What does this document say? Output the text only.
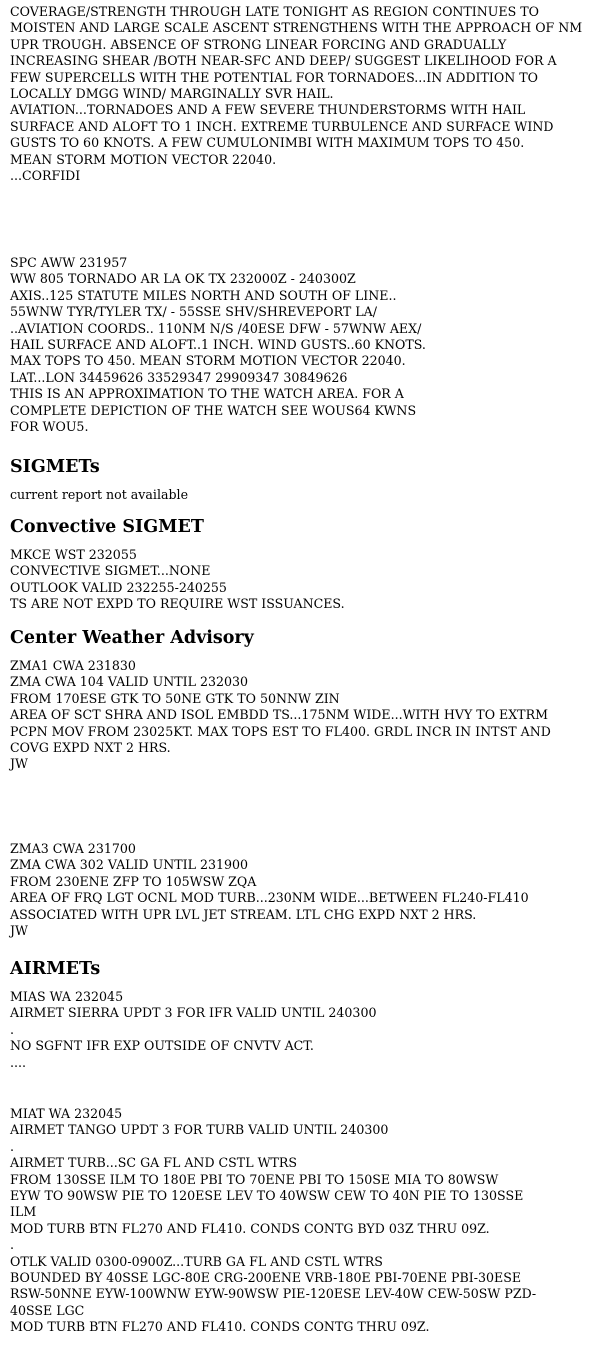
COVERAGE/STRENGTH THROUGH LATE TONIGHT AS REGION CONTINUES TO
MOISTEN AND LARGE SCALE ASCENT STRENGTHENS WITH THE APPROACH OF NM
UPR TROUGH. ABSENCE OF STRONG LINEAR FORCING AND GRADUALLY
INCREASING SHEAR /BOTH NEAR-SFC AND DEEP/ SUGGEST LIKELIHOOD FOR A
FEW SUPERCELLS WITH THE POTENTIAL FOR TORNADOES...IN ADDITION TO
LOCALLY DMGG WIND/ MARGINALLY SVR HAIL.
AVIATION...TORNADOES AND A FEW SEVERE THUNDERSTORMS WITH HAIL
SURFACE AND ALOFT TO 1 INCH. EXTREME TURBULENCE AND SURFACE WIND
GUSTS TO 60 KNOTS. A FEW CUMULONIMBI WITH MAXIMUM TOPS TO 450.
MEAN STORM MOTION VECTOR 22040.
...CORFIDI
SPC AWW 231957
WW 805 TORNADO AR LA OK TX 232000Z - 240300Z
AXIS..125 STATUTE MILES NORTH AND SOUTH OF LINE..
55WNW TYR/TYLER TX/ - 55SSE SHV/SHREVEPORT LA/
..AVIATION COORDS.. 110NM N/S /40ESE DFW - 57WNW AEX/
HAIL SURFACE AND ALOFT..1 INCH. WIND GUSTS..60 KNOTS.
MAX TOPS TO 450. MEAN STORM MOTION VECTOR 22040.
LAT...LON 34459626 33529347 29909347 30849626
THIS IS AN APPROXIMATION TO THE WATCH AREA. FOR A
COMPLETE DEPICTION OF THE WATCH SEE WOUS64 KWNS
FOR WOU5.
SIGMETs

current report not available

Convective SIGMET
MKCE WST 232055
CONVECTIVE SIGMET...NONE
OUTLOOK VALID 232255-240255
TS ARE NOT EXPD TO REQUIRE WST ISSUANCES.
Center Weather Advisory
ZMA1 CWA 231830
ZMA CWA 104 VALID UNTIL 232030
FROM 170ESE GTK TO 50NE GTK TO 50NNW ZIN
AREA OF SCT SHRA AND ISOL EMBDD TS...175NM WIDE...WITH HVY TO EXTRM
PCPN MOV FROM 23025KT. MAX TOPS EST TO FL400. GRDL INCR IN INTST AND
COVG EXPD NXT 2 HRS.
JW
ZMA3 CWA 231700
ZMA CWA 302 VALID UNTIL 231900
FROM 230ENE ZFP TO 105WSW ZQA
AREA OF FRQ LGT OCNL MOD TURB...230NM WIDE...BETWEEN FL240-FL410
ASSOCIATED WITH UPR LVL JET STREAM. LTL CHG EXPD NXT 2 HRS.
JW
AIRMETs
MIAS WA 232045
AIRMET SIERRA UPDT 3 FOR IFR VALID UNTIL 240300
.
NO SGFNT IFR EXP OUTSIDE OF CNVTV ACT.
....
MIAT WA 232045
AIRMET TANGO UPDT 3 FOR TURB VALID UNTIL 240300
.
AIRMET TURB...SC GA FL AND CSTL WTRS
FROM 130SSE ILM TO 180E PBI TO 70ENE PBI TO 150SE MIA TO 80WSW
EYW TO 90WSW PIE TO 120ESE LEV TO 40WSW CEW TO 40N PIE TO 130SSE
ILM
MOD TURB BTN FL270 AND FL410. CONDS CONTG BYD 03Z THRU 09Z.
.
OTLK VALID 0300-0900Z...TURB GA FL AND CSTL WTRS
BOUNDED BY 40SSE LGC-80E CRG-200ENE VRB-180E PBI-70ENE PBI-30ESE
RSW-50NNE EYW-100WNW EYW-90WSW PIE-120ESE LEV-40W CEW-50SW PZD-
40SSE LGC
MOD TURB BTN FL270 AND FL410. CONDS CONTG THRU 09Z.
